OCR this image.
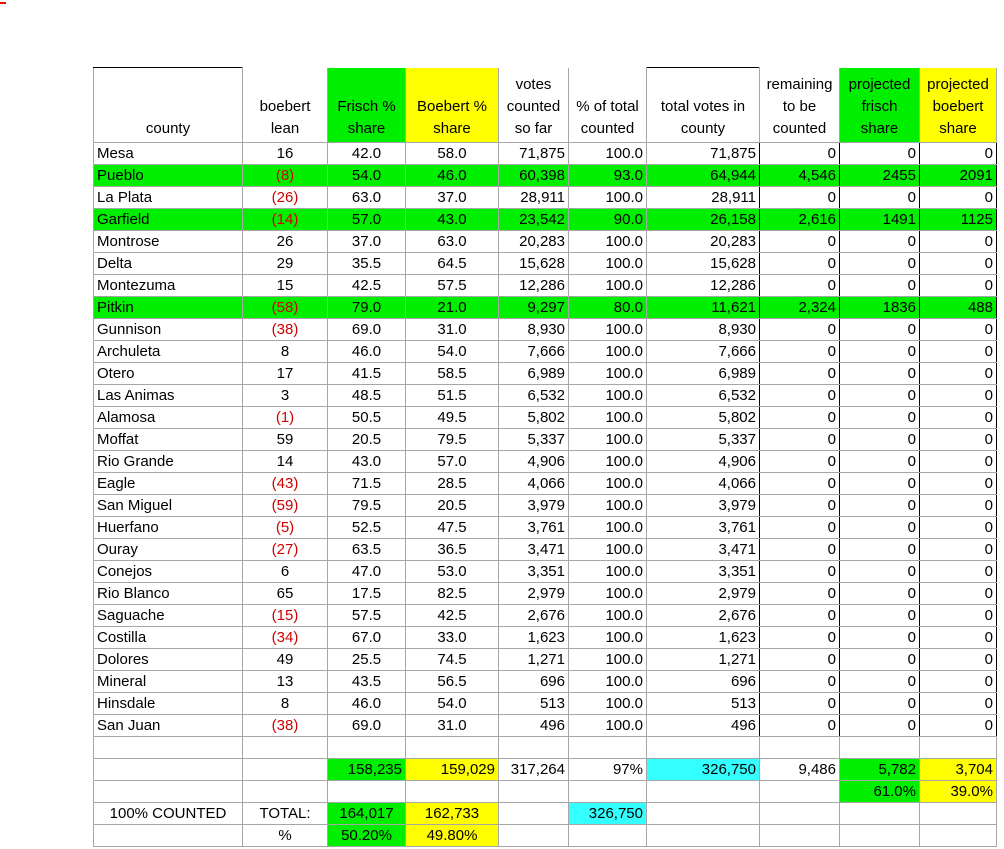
county	boebert lean	Frisch % share	Boebert % share	votes counted so far	% of total counted	total votes in county	remaining to be counted	projected frisch share	projected boebert share
Mesa	16	42.0	58.0	71,875	100.0	71,875	0	0	0
Pueblo	(8)	54.0	46.0	60,398	93.0	64,944	4,546	2455	2091
La Plata	(26)	63.0	37.0	28,911	100.0	28,911	0	0	0
Garfield	(14)	57.0	43.0	23,542	90.0	26,158	2,616	1491	1125
Montrose	26	37.0	63.0	20,283	100.0	20,283	0	0	0
Delta	29	35.5	64.5	15,628	100.0	15,628	0	0	0
Montezuma	15	42.5	57.5	12,286	100.0	12,286	0	0	0
Pitkin	(58)	79.0	21.0	9,297	80.0	11,621	2,324	1836	488
Gunnison	(38)	69.0	31.0	8,930	100.0	8,930	0	0	0
Archuleta	8	46.0	54.0	7,666	100.0	7,666	0	0	0
Otero	17	41.5	58.5	6,989	100.0	6,989	0	0	0
Las Animas	3	48.5	51.5	6,532	100.0	6,532	0	0	0
Alamosa	(1)	50.5	49.5	5,802	100.0	5,802	0	0	0
Moffat	59	20.5	79.5	5,337	100.0	5,337	0	0	0
Rio Grande	14	43.0	57.0	4,906	100.0	4,906	0	0	0
Eagle	(43)	71.5	28.5	4,066	100.0	4,066	0	0	0
San Miguel	(59)	79.5	20.5	3,979	100.0	3,979	0	0	0
Huerfano	(5)	52.5	47.5	3,761	100.0	3,761	0	0	0
Ouray	(27)	63.5	36.5	3,471	100.0	3,471	0	0	0
Conejos	6	47.0	53.0	3,351	100.0	3,351	0	0	0
Rio Blanco	65	17.5	82.5	2,979	100.0	2,979	0	0	0
Saguache	(15)	57.5	42.5	2,676	100.0	2,676	0	0	0
Costilla	(34)	67.0	33.0	1,623	100.0	1,623	0	0	0
Dolores	49	25.5	74.5	1,271	100.0	1,271	0	0	0
Mineral	13	43.5	56.5	696	100.0	696	0	0	0
Hinsdale	8	46.0	54.0	513	100.0	513	0	0	0
San Juan	(38)	69.0	31.0	496	100.0	496	0	0	0

		158,235	159,029	317,264	97%	326,750	9,486	5,782	3,704
								61.0%	39.0%
100% COUNTED	TOTAL:	164,017	162,733		326,750				
	%	50.20%	49.80%						
